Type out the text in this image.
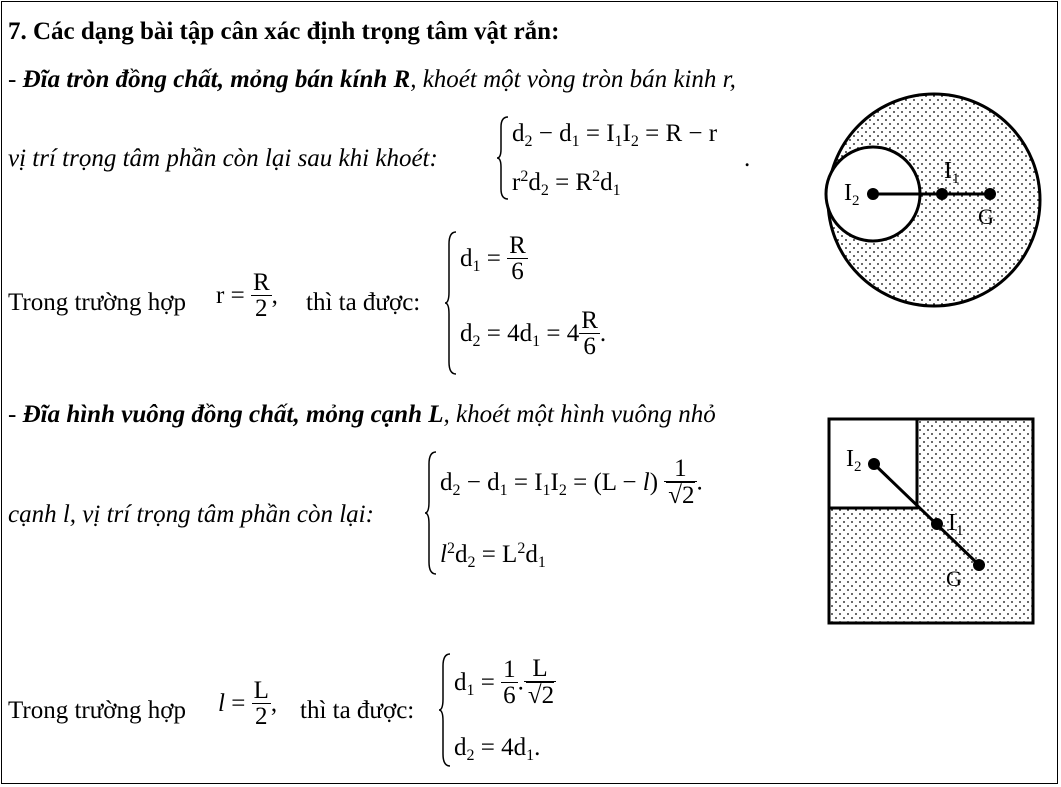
7. Các dạng bài tập cân xác định trọng tâm vật rắn:
- Đĩa tròn đồng chất, mỏng bán kính R, khoét một vòng tròn bán kinh r,
vị trí trọng tâm phần còn lại sau khi khoét:
$d_2 - d_1 = I_1I_2 = R - r$
$r^2d_2 = R^2d_1$
.
Trong trường hợp $r = \frac{R}{2}$ , thì ta được:
$d_1 = \frac{R}{6}$
$d_2 = 4d_1 = 4 \frac{R}{6}$ .
- Đĩa hình vuông đồng chất, mỏng cạnh L, khoét một hình vuông nhỏ
cạnh l, vị trí trọng tâm phần còn lại:
$d_2 - d_1 = I_1I_2 = (L - l) \frac{1}{√2}$ .
$l^2d_2 = L^2d_1$
Trong trường hợp $l = \frac{L}{2}$ , thì ta được:
$d_1 = \frac{1}{6}$ . $\frac{L}{√2}$
$d_2 = 4d_1$.
$I_2$
$I_1$
G
$I_2$
$I_1$
G
